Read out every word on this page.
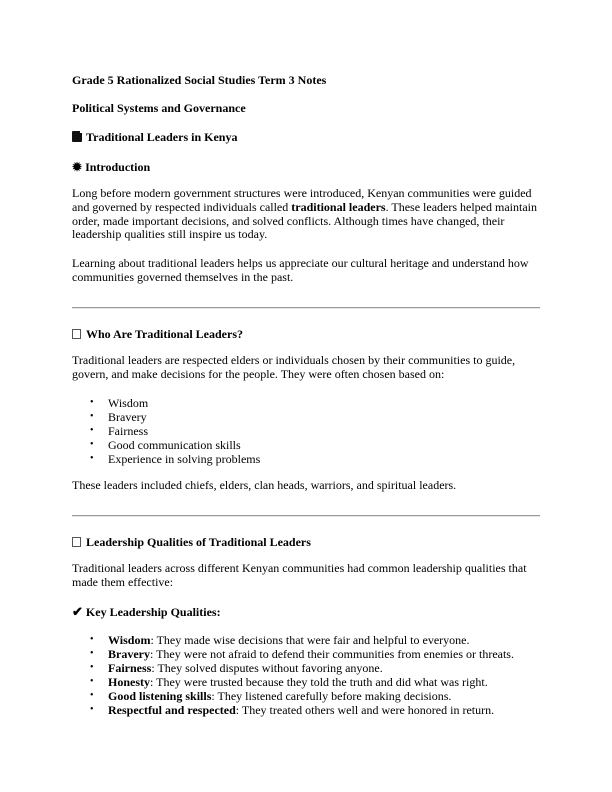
Grade 5 Rationalized Social Studies Term 3 Notes
Political Systems and Governance
Traditional Leaders in Kenya
✹ Introduction

Long before modern government structures were introduced, Kenyan communities were guided and governed by respected individuals called traditional leaders. These leaders helped maintain order, made important decisions, and solved conflicts. Although times have changed, their leadership qualities still inspire us today.

Learning about traditional leaders helps us appreciate our cultural heritage and understand how communities governed themselves in the past.

Who Are Traditional Leaders?

Traditional leaders are respected elders or individuals chosen by their communities to guide, govern, and make decisions for the people. They were often chosen based on:

•	Wisdom
•	Bravery
•	Fairness
•	Good communication skills
•	Experience in solving problems

These leaders included chiefs, elders, clan heads, warriors, and spiritual leaders.

Leadership Qualities of Traditional Leaders

Traditional leaders across different Kenyan communities had common leadership qualities that made them effective:

✔ Key Leadership Qualities:
•	Wisdom: They made wise decisions that were fair and helpful to everyone.
•	Bravery: They were not afraid to defend their communities from enemies or threats.
•	Fairness: They solved disputes without favoring anyone.
•	Honesty: They were trusted because they told the truth and did what was right.
•	Good listening skills: They listened carefully before making decisions.
•	Respectful and respected: They treated others well and were honored in return.
